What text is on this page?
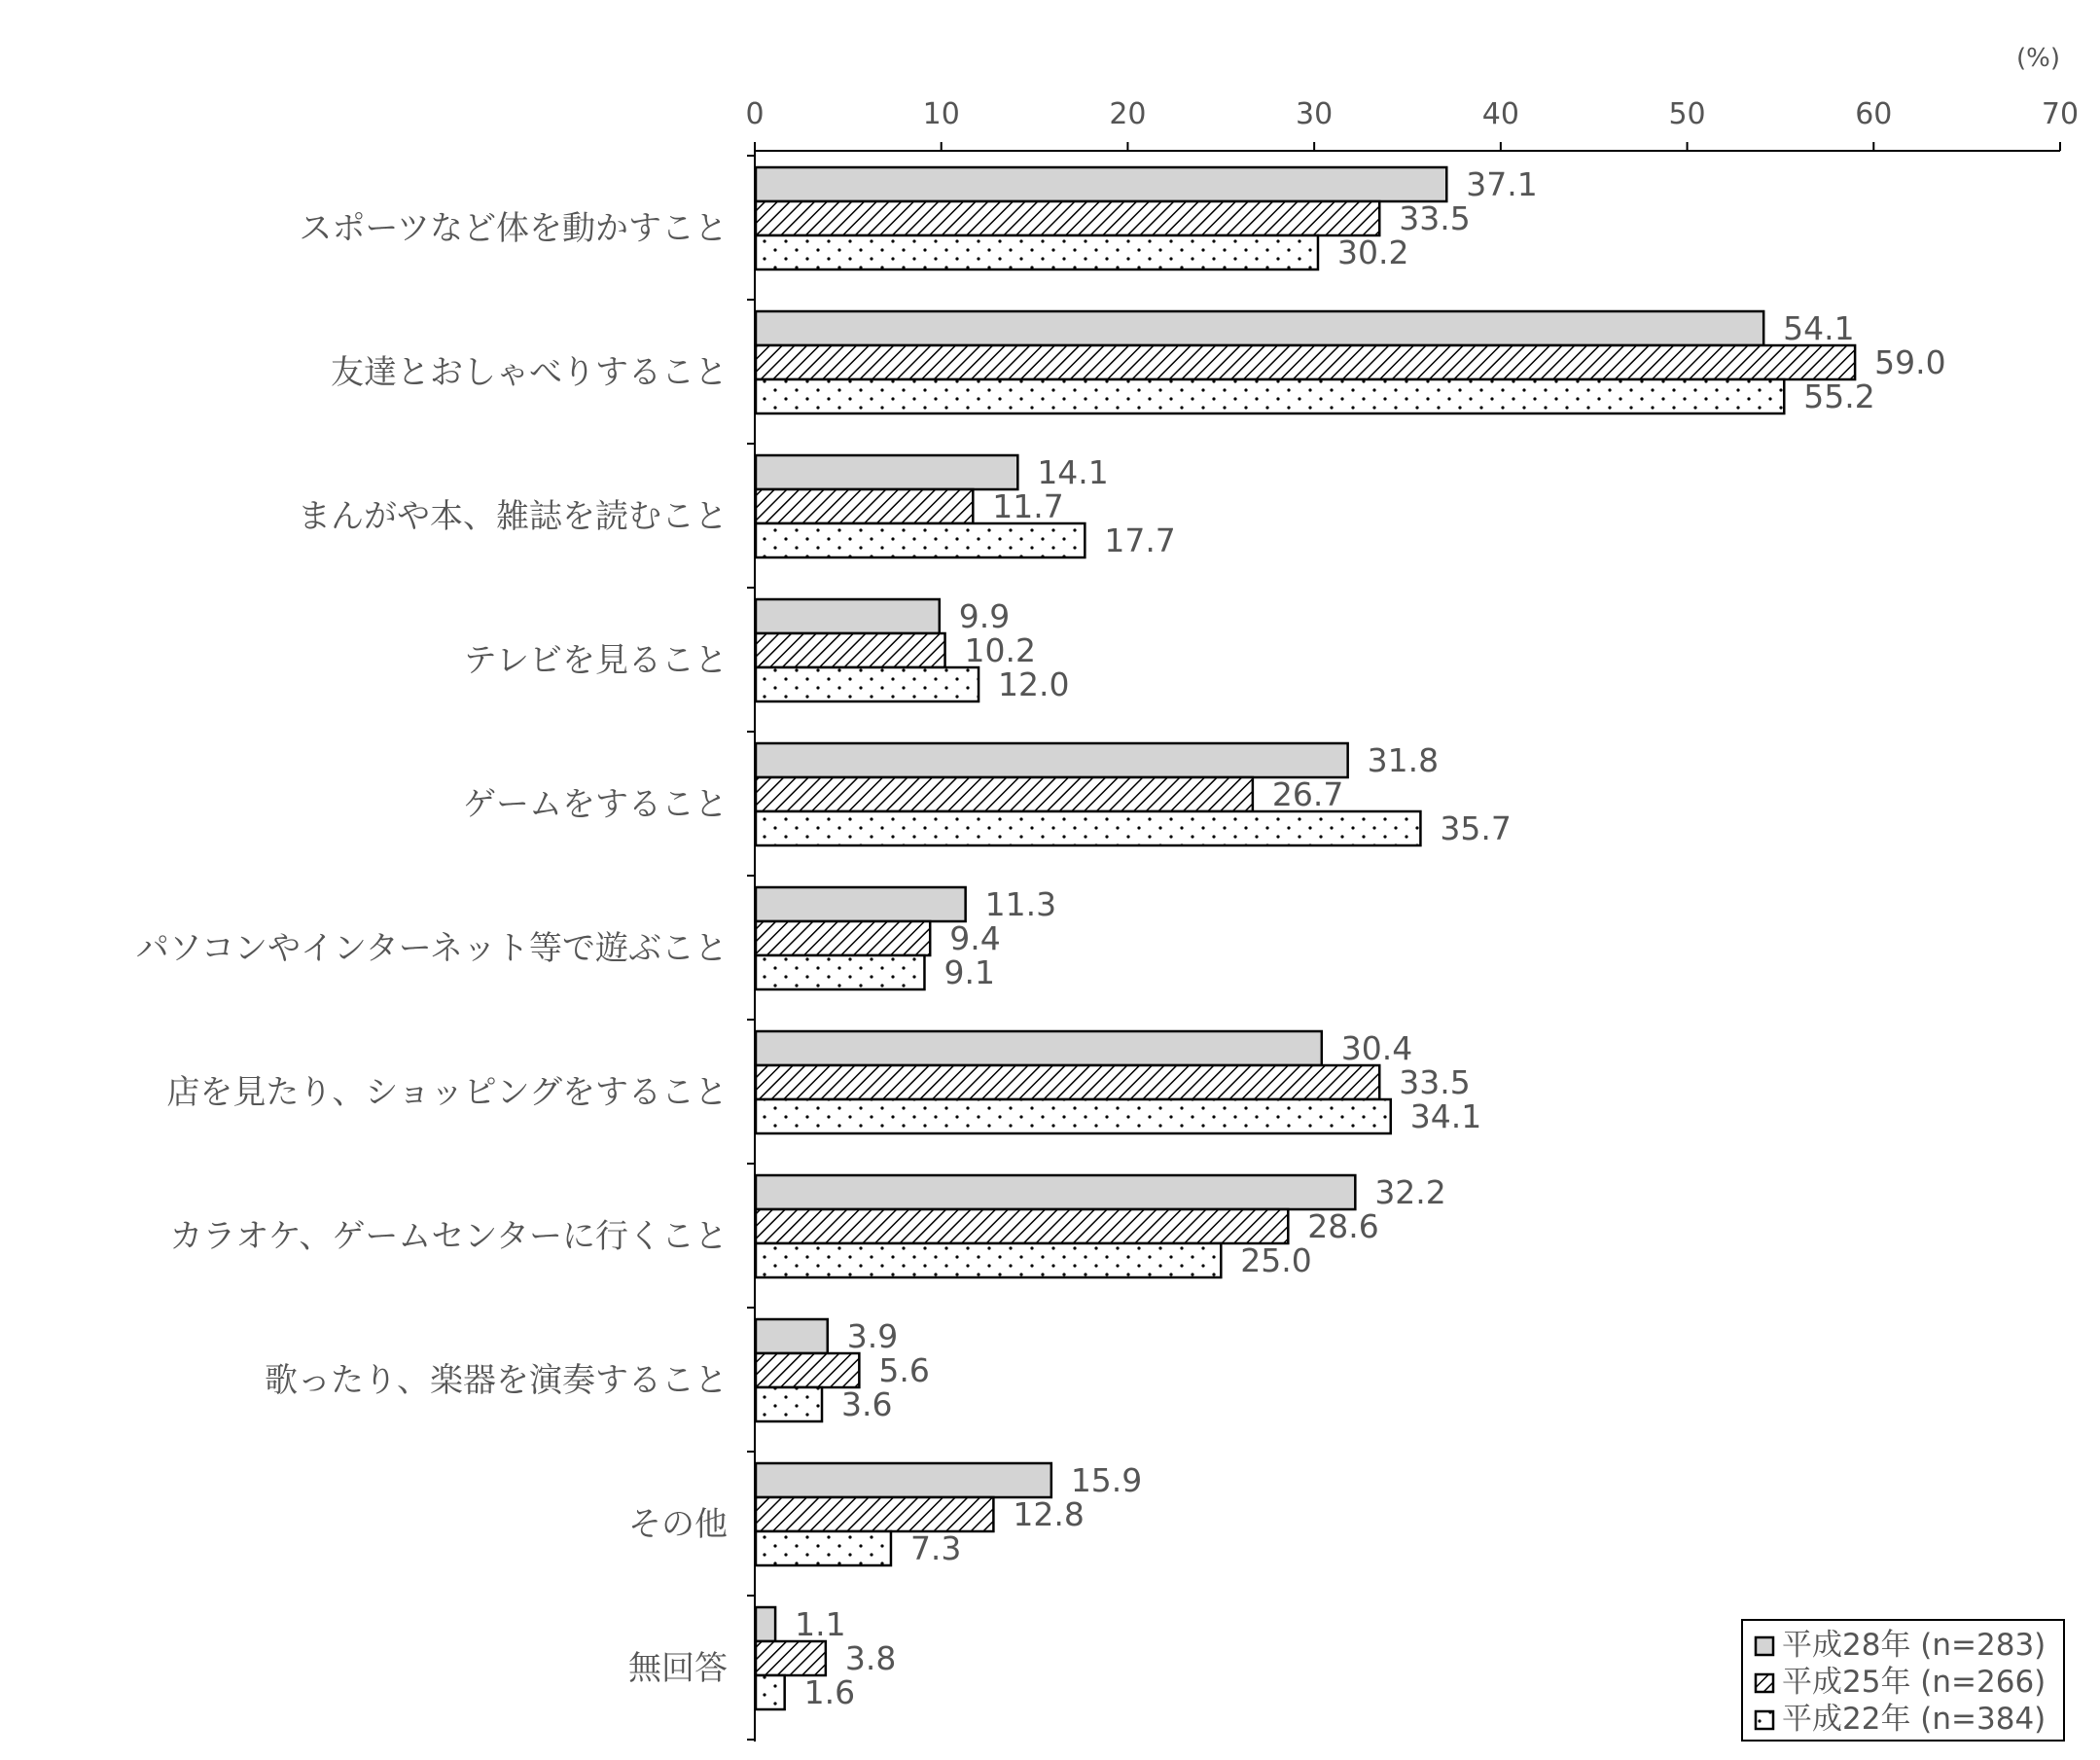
(%)
0	10	20	30	40	50	60	70
37.1
33.5
30.2
54.1
59.0
55.2
14.1
11.7
17.7
9.9
10.2
12.0
31.8
26.7
35.7
11.3
9.4
9.1
30.4
33.5
34.1
32.2
28.6
25.0
3.9
5.6
3.6
15.9
12.8
7.3
1.1
3.8
1.6
スポーツなど体を動かすこと
友達とおしゃべりすること
まんがや本、雑誌を読むこと
テレビを見ること
ゲームをすること
パソコンやインターネット等で遊ぶこと
店を見たり、ショッピングをすること
カラオケ、ゲームセンターに行くこと
歌ったり、楽器を演奏すること
その他
無回答
平成28年 (n=283)
平成25年 (n=266)
平成22年 (n=384)
